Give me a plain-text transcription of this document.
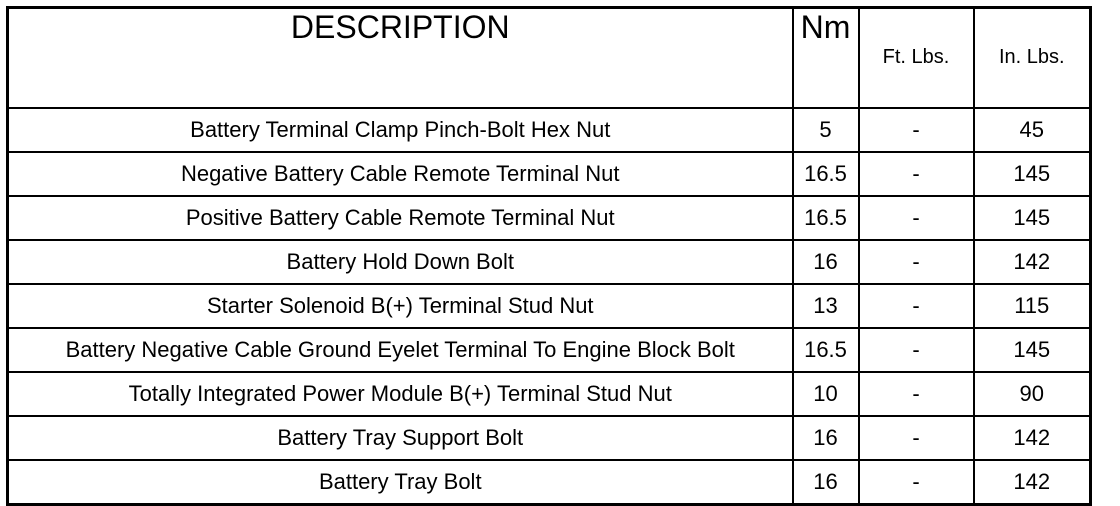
DESCRIPTION	Nm	Ft. Lbs.	In. Lbs.
Battery Terminal Clamp Pinch-Bolt Hex Nut	5	-	45
Negative Battery Cable Remote Terminal Nut	16.5	-	145
Positive Battery Cable Remote Terminal Nut	16.5	-	145
Battery Hold Down Bolt	16	-	142
Starter Solenoid B(+) Terminal Stud Nut	13	-	115
Battery Negative Cable Ground Eyelet Terminal To Engine Block Bolt	16.5	-	145
Totally Integrated Power Module B(+) Terminal Stud Nut	10	-	90
Battery Tray Support Bolt	16	-	142
Battery Tray Bolt	16	-	142
